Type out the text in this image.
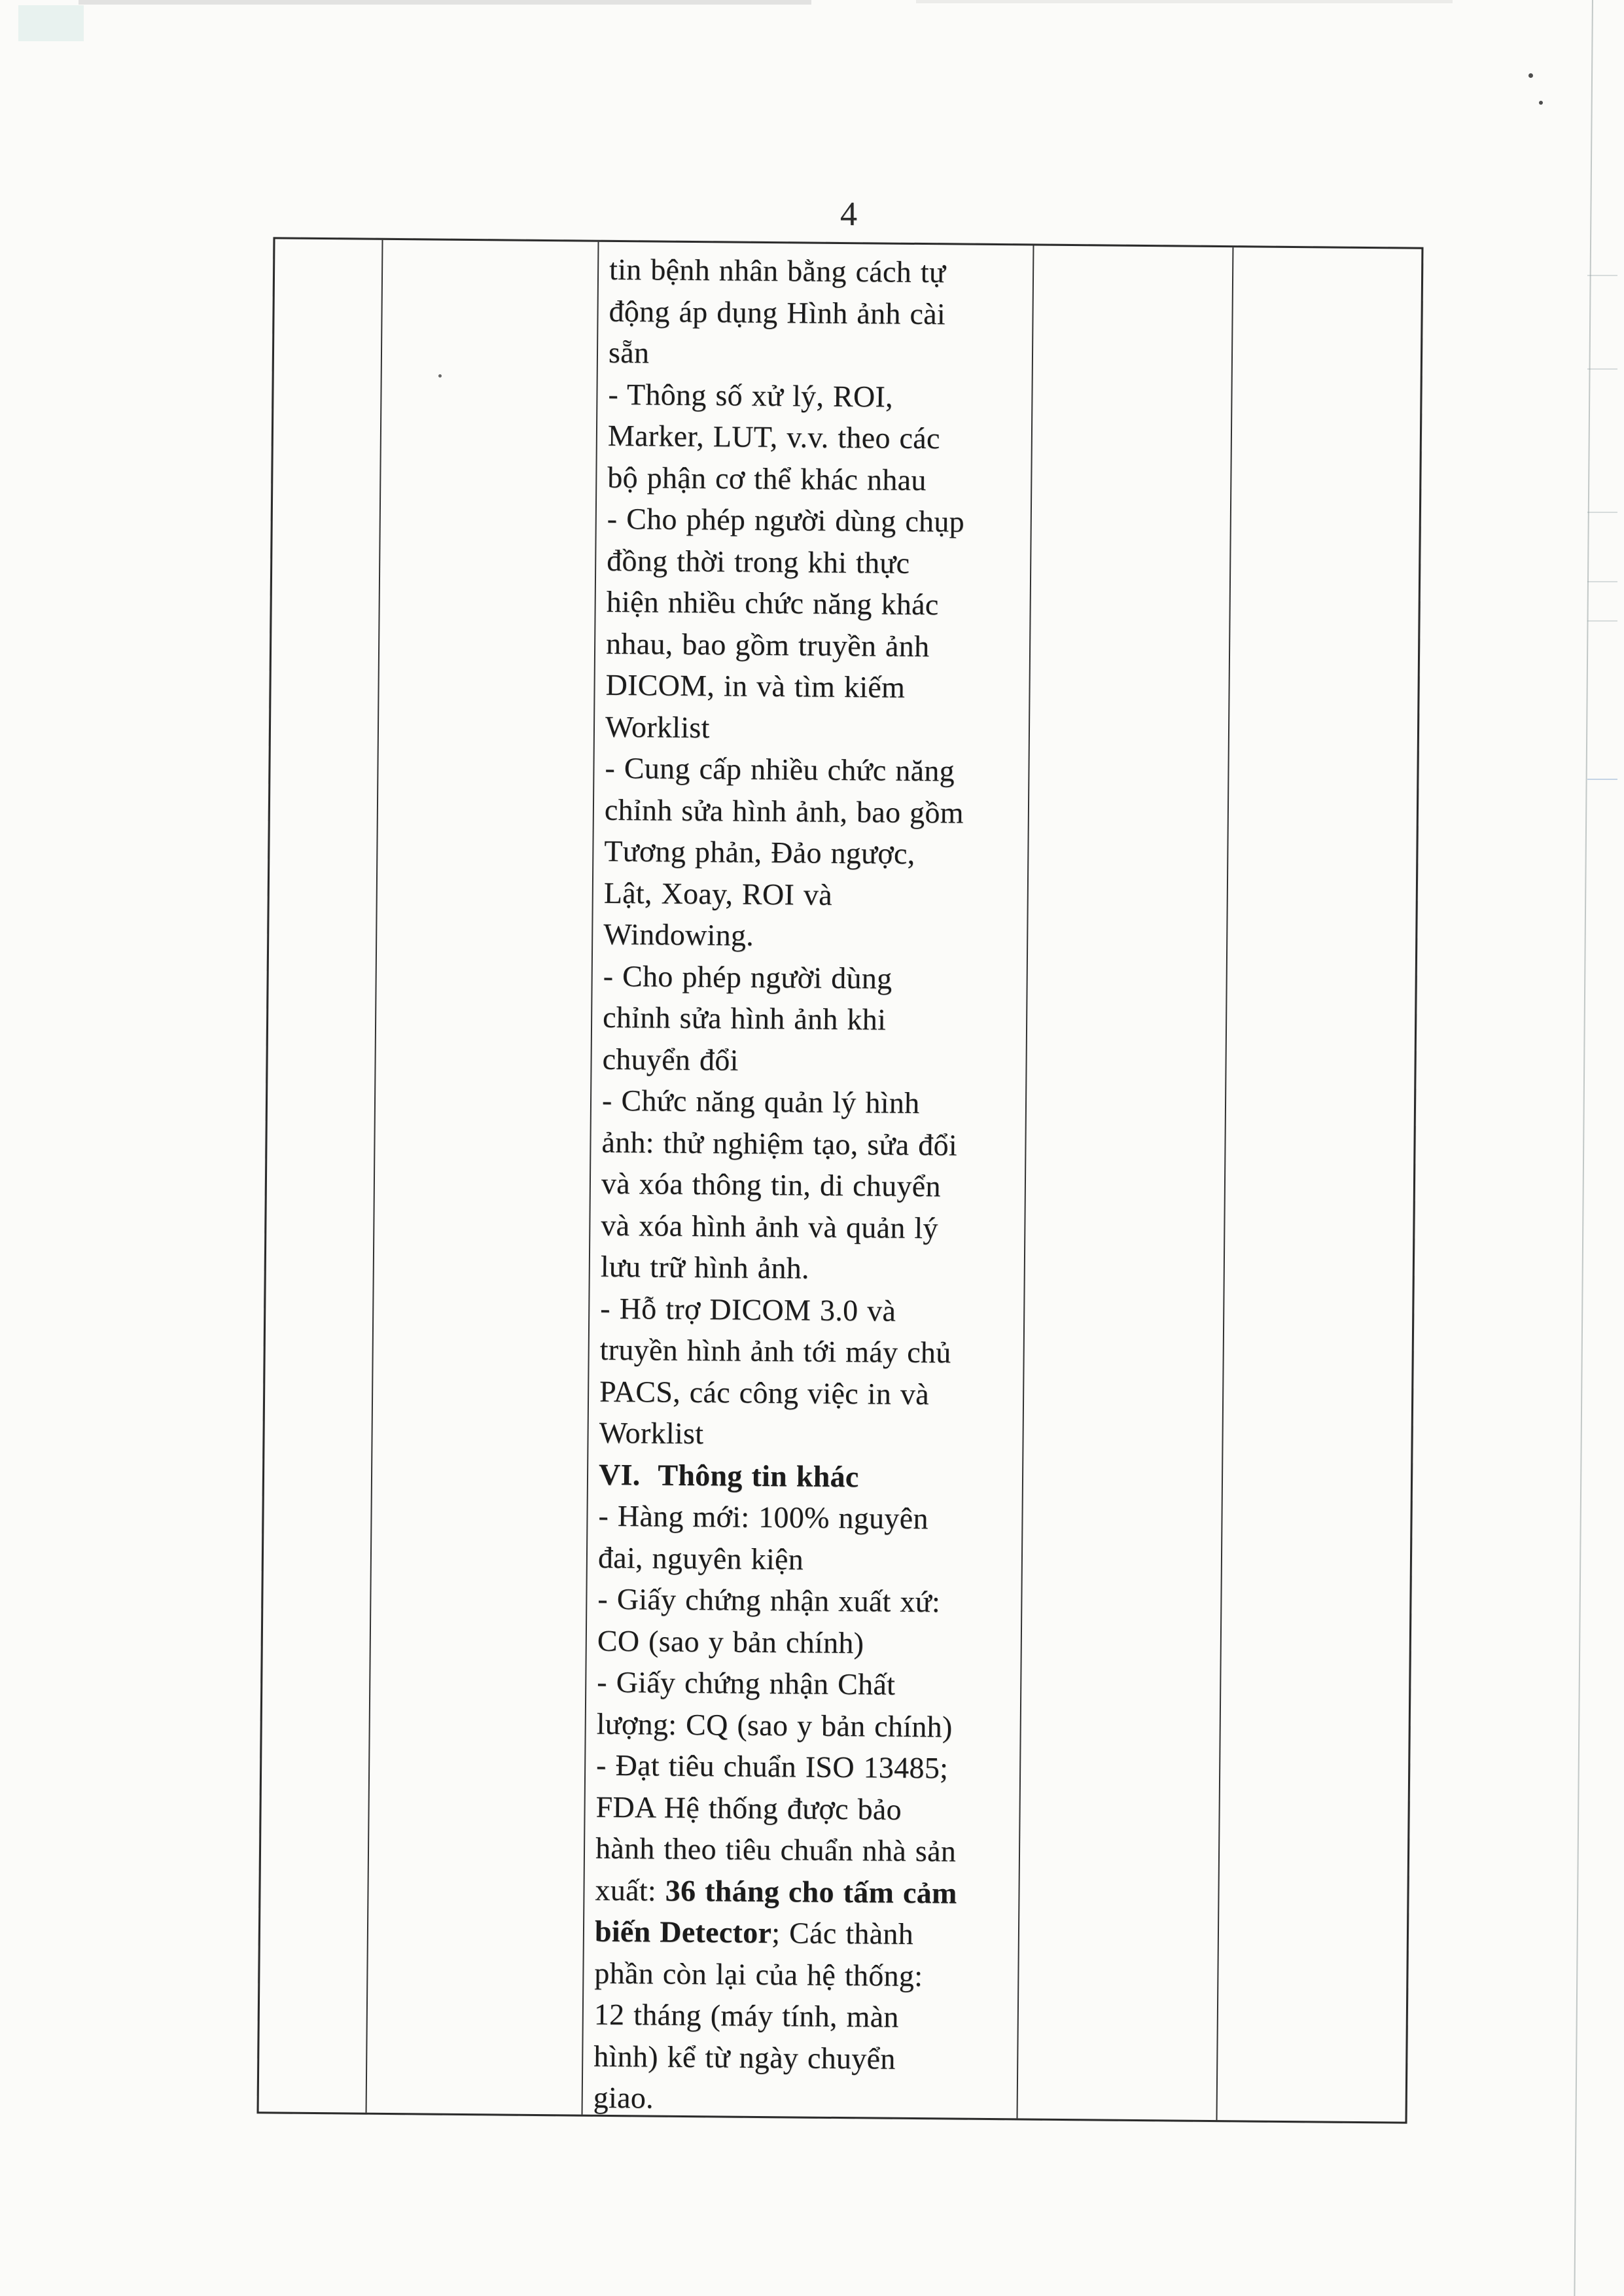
4
tin bệnh nhân bằng cách tự
động áp dụng Hình ảnh cài
sẵn
- Thông số xử lý, ROI,
Marker, LUT, v.v. theo các
bộ phận cơ thể khác nhau
- Cho phép người dùng chụp
đồng thời trong khi thực
hiện nhiều chức năng khác
nhau, bao gồm truyền ảnh
DICOM, in và tìm kiếm
Worklist
- Cung cấp nhiều chức năng
chỉnh sửa hình ảnh, bao gồm
Tương phản, Đảo ngược,
Lật, Xoay, ROI và
Windowing.
- Cho phép người dùng
chỉnh sửa hình ảnh khi
chuyển đổi
- Chức năng quản lý hình
ảnh: thử nghiệm tạo, sửa đổi
và xóa thông tin, di chuyển
và xóa hình ảnh và quản lý
lưu trữ hình ảnh.
- Hỗ trợ DICOM 3.0 và
truyền hình ảnh tới máy chủ
PACS, các công việc in và
Worklist
VI.  Thông tin khác
- Hàng mới: 100% nguyên
đai, nguyên kiện
- Giấy chứng nhận xuất xứ:
CO (sao y bản chính)
- Giấy chứng nhận Chất
lượng: CQ (sao y bản chính)
- Đạt tiêu chuẩn ISO 13485;
FDA Hệ thống được bảo
hành theo tiêu chuẩn nhà sản
xuất: 36 tháng cho tấm cảm
biến Detector; Các thành
phần còn lại của hệ thống:
12 tháng (máy tính, màn
hình) kể từ ngày chuyển
giao.
